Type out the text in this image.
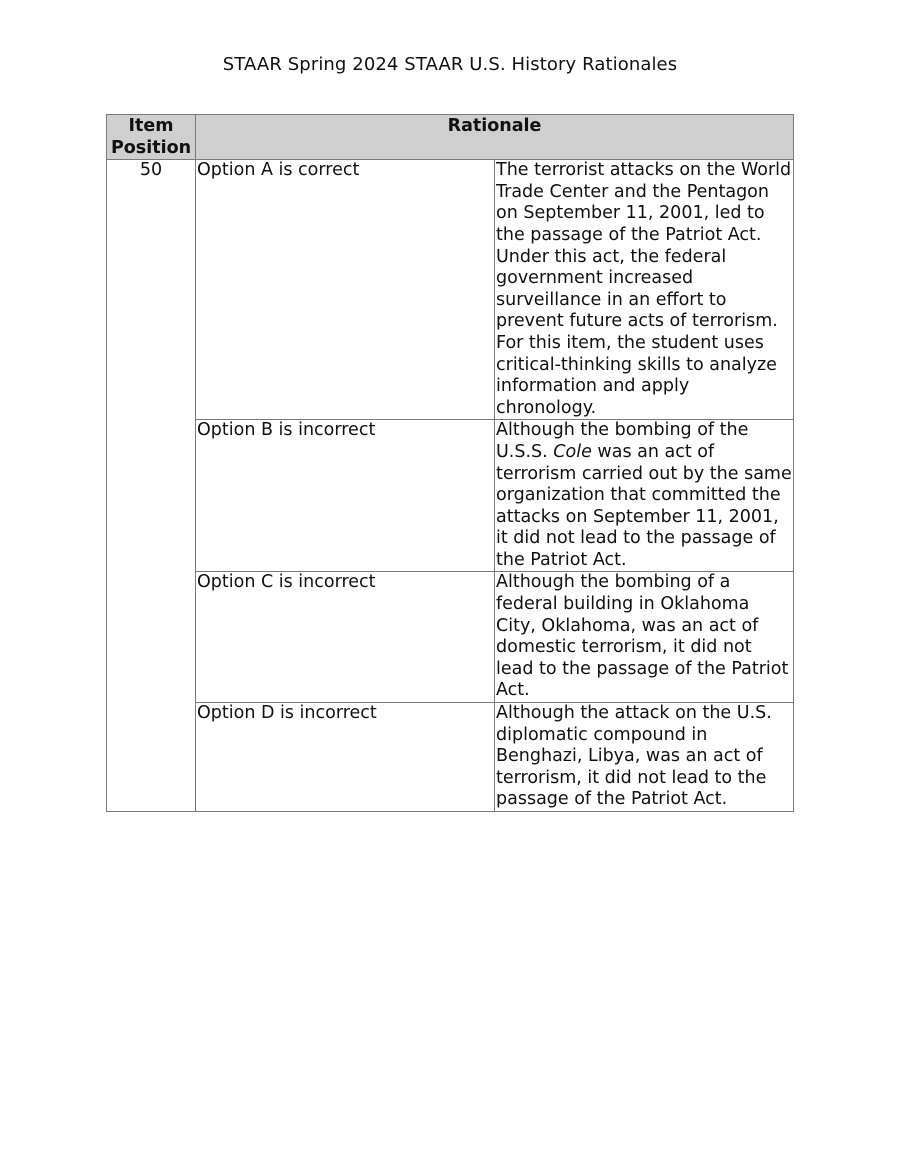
STAAR Spring 2024 STAAR U.S. History Rationales
Item Position	Rationale	
50	Option A is correct	The terrorist attacks on the World Trade Center and the Pentagon on September 11, 2001, led to the passage of the Patriot Act. Under this act, the federal government increased surveillance in an effort to prevent future acts of terrorism. For this item, the student uses critical-thinking skills to analyze information and apply chronology.
	Option B is incorrect	Although the bombing of the U.S.S. Cole was an act of terrorism carried out by the same organization that committed the attacks on September 11, 2001, it did not lead to the passage of the Patriot Act.
	Option C is incorrect	Although the bombing of a federal building in Oklahoma City, Oklahoma, was an act of domestic terrorism, it did not lead to the passage of the Patriot Act.
	Option D is incorrect	Although the attack on the U.S. diplomatic compound in Benghazi, Libya, was an act of terrorism, it did not lead to the passage of the Patriot Act.
